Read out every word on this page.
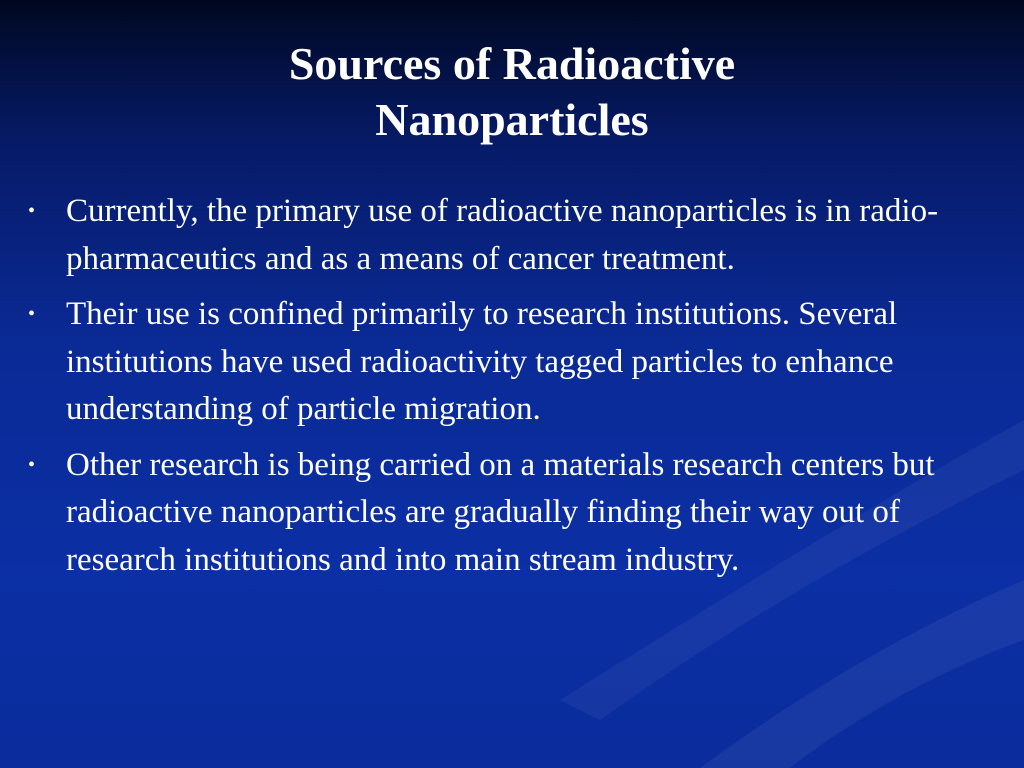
Sources of Radioactive
Nanoparticles
• Currently, the primary use of radioactive nanoparticles is in radio-pharmaceutics and as a means of cancer treatment.
• Their use is confined primarily to research institutions. Several institutions have used radioactivity tagged particles to enhance understanding of particle migration.
• Other research is being carried on a materials research centers but radioactive nanoparticles are gradually finding their way out of research institutions and into main stream industry.
